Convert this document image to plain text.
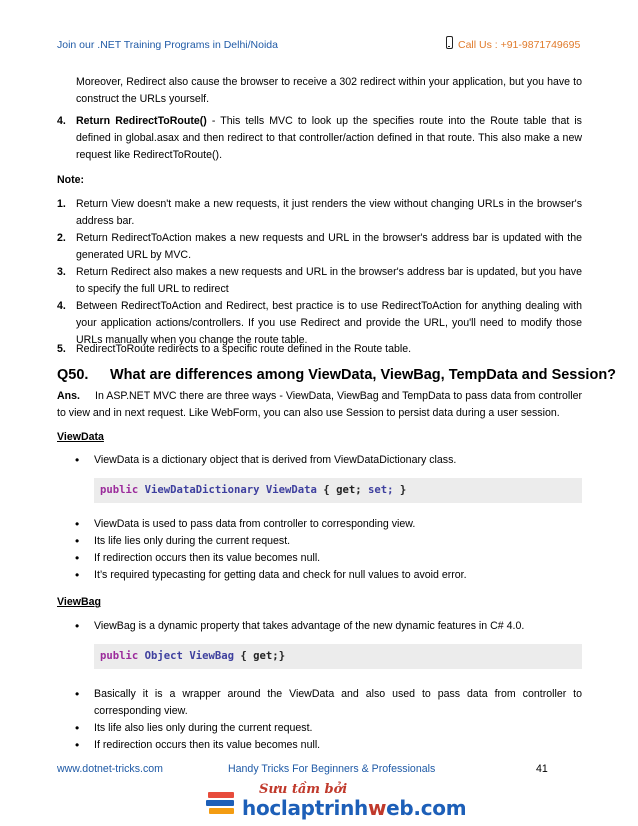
Join our .NET Training Programs in Delhi/Noida	Call Us : +91-9871749695
Moreover, Redirect also cause the browser to receive a 302 redirect within your application, but you have to construct the URLs yourself.
4. Return RedirectToRoute() - This tells MVC to look up the specifies route into the Route table that is defined in global.asax and then redirect to that controller/action defined in that route. This also make a new request like RedirectToRoute().
Note:
1. Return View doesn't make a new requests, it just renders the view without changing URLs in the browser's address bar.
2. Return RedirectToAction makes a new requests and URL in the browser's address bar is updated with the generated URL by MVC.
3. Return Redirect also makes a new requests and URL in the browser's address bar is updated, but you have to specify the full URL to redirect
4. Between RedirectToAction and Redirect, best practice is to use RedirectToAction for anything dealing with your application actions/controllers. If you use Redirect and provide the URL, you'll need to modify those URLs manually when you change the route table.
5. RedirectToRoute redirects to a specific route defined in the Route table.
Q50. What are differences among ViewData, ViewBag, TempData and Session?
Ans.	In ASP.NET MVC there are three ways - ViewData, ViewBag and TempData to pass data from controller to view and in next request. Like WebForm, you can also use Session to persist data during a user session.
ViewData
• ViewData is a dictionary object that is derived from ViewDataDictionary class.
public ViewDataDictionary ViewData { get; set; }
• ViewData is used to pass data from controller to corresponding view.
• Its life lies only during the current request.
• If redirection occurs then its value becomes null.
• It’s required typecasting for getting data and check for null values to avoid error.
ViewBag
• ViewBag is a dynamic property that takes advantage of the new dynamic features in C# 4.0.
public Object ViewBag { get;}
• Basically it is a wrapper around the ViewData and also used to pass data from controller to corresponding view.
• Its life also lies only during the current request.
• If redirection occurs then its value becomes null.
www.dotnet-tricks.com	Handy Tricks For Beginners & Professionals	41
Sưu tầm bởi
hoclaptrinhweb.com
